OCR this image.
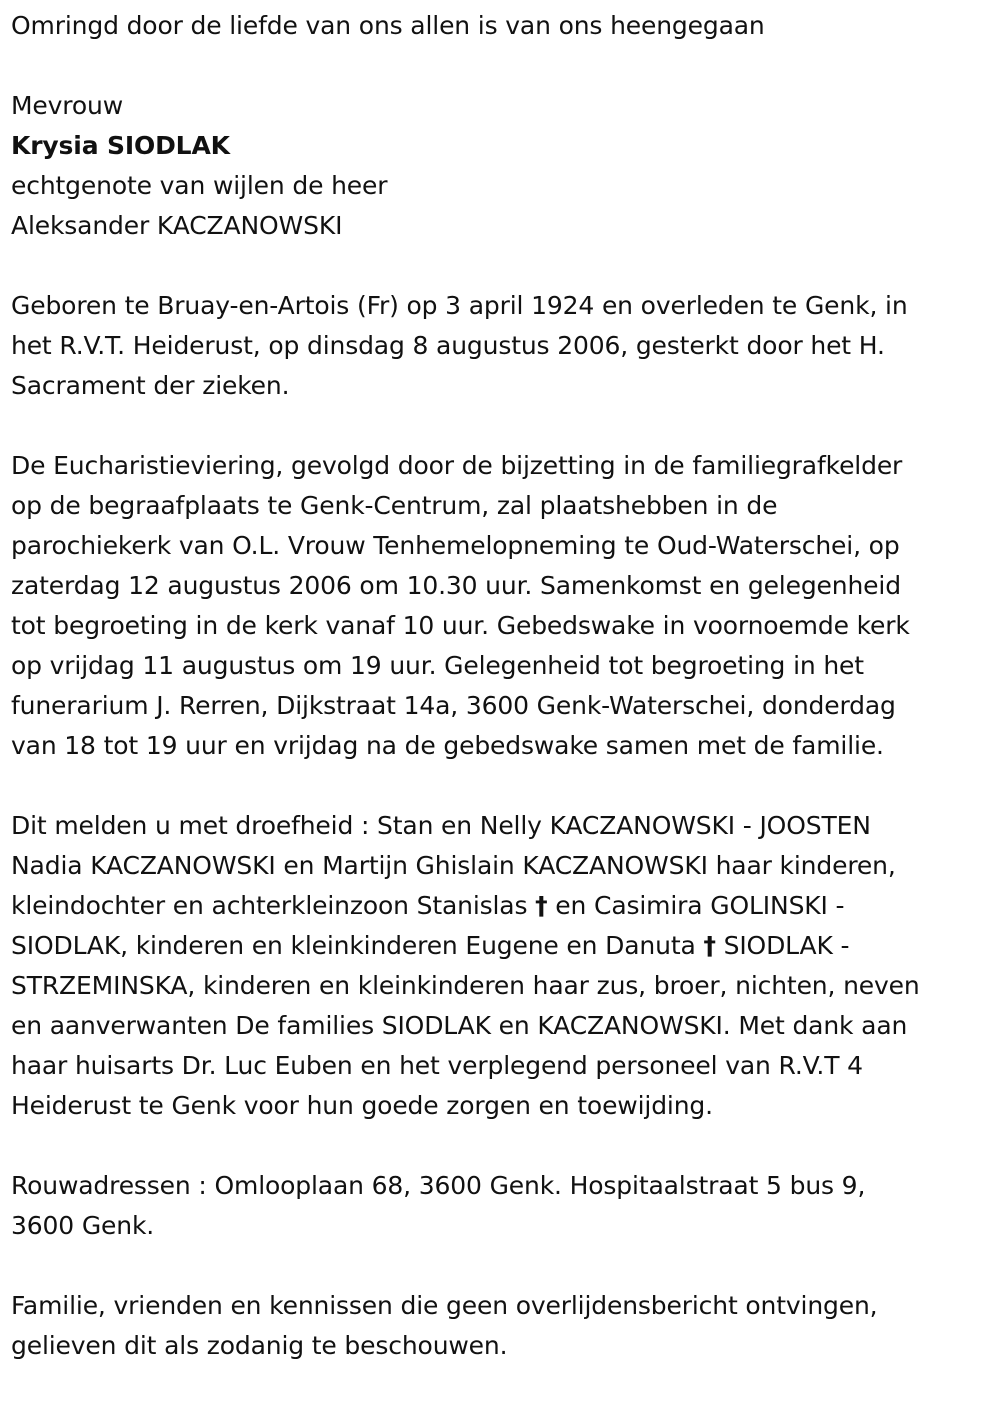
Omringd door de liefde van ons allen is van ons heengegaan

Mevrouw

Krysia SIODLAK

echtgenote van wijlen de heer

Aleksander KACZANOWSKI

Geboren te Bruay-en-Artois (Fr) op 3 april 1924 en overleden te Genk, in

het R.V.T. Heiderust, op dinsdag 8 augustus 2006, gesterkt door het H.

Sacrament der zieken.

De Eucharistieviering, gevolgd door de bijzetting in de familiegrafkelder

op de begraafplaats te Genk-Centrum, zal plaatshebben in de

parochiekerk van O.L. Vrouw Tenhemelopneming te Oud-Waterschei, op

zaterdag 12 augustus 2006 om 10.30 uur. Samenkomst en gelegenheid

tot begroeting in de kerk vanaf 10 uur. Gebedswake in voornoemde kerk

op vrijdag 11 augustus om 19 uur. Gelegenheid tot begroeting in het

funerarium J. Rerren, Dijkstraat 14a, 3600 Genk-Waterschei, donderdag

van 18 tot 19 uur en vrijdag na de gebedswake samen met de familie.

Dit melden u met droefheid : Stan en Nelly KACZANOWSKI - JOOSTEN

Nadia KACZANOWSKI en Martijn Ghislain KACZANOWSKI haar kinderen,

kleindochter en achterkleinzoon Stanislas † en Casimira GOLINSKI -

SIODLAK, kinderen en kleinkinderen Eugene en Danuta † SIODLAK -

STRZEMINSKA, kinderen en kleinkinderen haar zus, broer, nichten, neven

en aanverwanten De families SIODLAK en KACZANOWSKI. Met dank aan

haar huisarts Dr. Luc Euben en het verplegend personeel van R.V.T 4

Heiderust te Genk voor hun goede zorgen en toewijding.

Rouwadressen : Omlooplaan 68, 3600 Genk. Hospitaalstraat 5 bus 9,

3600 Genk.

Familie, vrienden en kennissen die geen overlijdensbericht ontvingen,

gelieven dit als zodanig te beschouwen.
